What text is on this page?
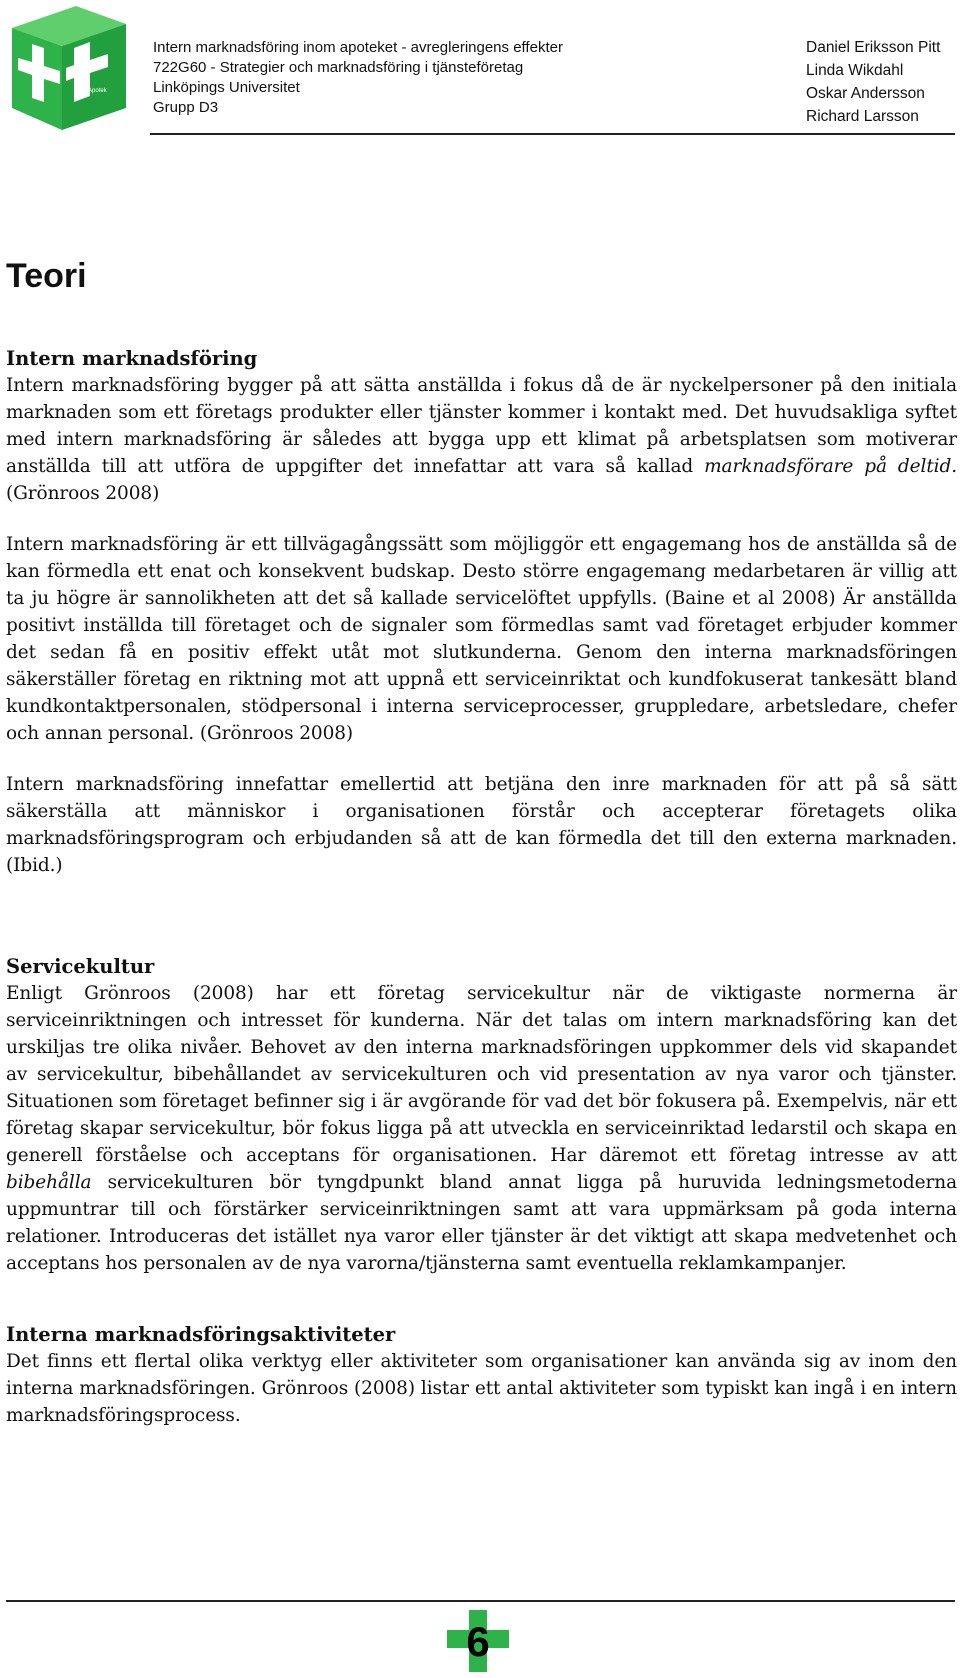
Apotek
Intern marknadsföring inom apoteket - avregleringens effekter
722G60 - Strategier och marknadsföring i tjänsteföretag
Linköpings Universitet
Grupp D3
Daniel Eriksson Pitt
Linda Wikdahl
Oskar Andersson
Richard Larsson
Teori
Intern marknadsföring

Intern marknadsföring bygger på att sätta anställda i fokus då de är nyckelpersoner på den initiala marknaden som ett företags produkter eller tjänster kommer i kontakt med. Det huvudsakliga syftet med intern marknadsföring är således att bygga upp ett klimat på arbetsplatsen som motiverar anställda till att utföra de uppgifter det innefattar att vara så kallad marknadsförare på deltid. (Grönroos 2008)

Intern marknadsföring är ett tillvägagångssätt som möjliggör ett engagemang hos de anställda så de kan förmedla ett enat och konsekvent budskap. Desto större engagemang medarbetaren är villig att ta ju högre är sannolikheten att det så kallade servicelöftet uppfylls. (Baine et al 2008) Är anställda positivt inställda till företaget och de signaler som förmedlas samt vad företaget erbjuder kommer det sedan få en positiv effekt utåt mot slutkunderna. Genom den interna marknadsföringen säkerställer företag en riktning mot att uppnå ett serviceinriktat och kundfokuserat tankesätt bland kundkontaktpersonalen, stödpersonal i interna serviceprocesser, gruppledare, arbetsledare, chefer och annan personal. (Grönroos 2008)

Intern marknadsföring innefattar emellertid att betjäna den inre marknaden för att på så sätt säkerställa att människor i organisationen förstår och accepterar företagets olika marknadsföringsprogram och erbjudanden så att de kan förmedla det till den externa marknaden. (Ibid.)

Servicekultur

Enligt Grönroos (2008) har ett företag servicekultur när de viktigaste normerna är serviceinriktningen och intresset för kunderna. När det talas om intern marknadsföring kan det urskiljas tre olika nivåer. Behovet av den interna marknadsföringen uppkommer dels vid skapandet av servicekultur, bibehållandet av servicekulturen och vid presentation av nya varor och tjänster. Situationen som företaget befinner sig i är avgörande för vad det bör fokusera på. Exempelvis, när ett företag skapar servicekultur, bör fokus ligga på att utveckla en serviceinriktad ledarstil och skapa en generell förståelse och acceptans för organisationen. Har däremot ett företag intresse av att bibehålla servicekulturen bör tyngdpunkt bland annat ligga på huruvida ledningsmetoderna uppmuntrar till och förstärker serviceinriktningen samt att vara uppmärksam på goda interna relationer. Introduceras det istället nya varor eller tjänster är det viktigt att skapa medvetenhet och acceptans hos personalen av de nya varorna/tjänsterna samt eventuella reklamkampanjer.

Interna marknadsföringsaktiviteter

Det finns ett flertal olika verktyg eller aktiviteter som organisationer kan använda sig av inom den interna marknadsföringen. Grönroos (2008) listar ett antal aktiviteter som typiskt kan ingå i en intern marknadsföringsprocess.

6
